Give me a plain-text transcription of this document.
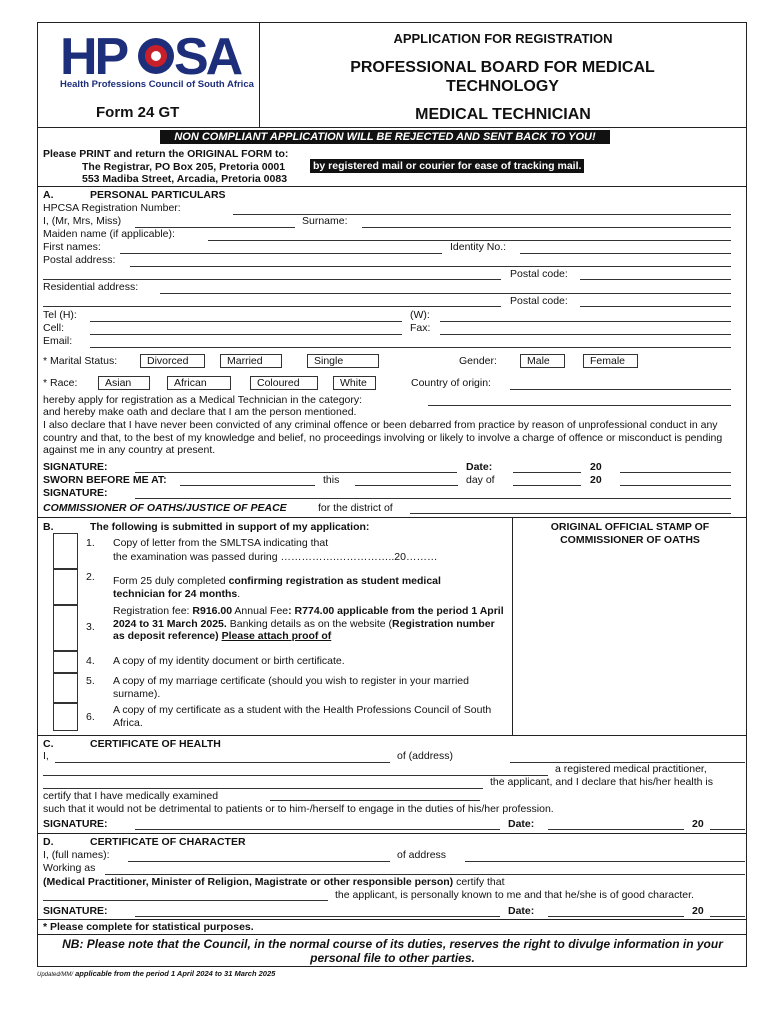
HP SA
Health Professions Council of South Africa
Form 24 GT
APPLICATION FOR REGISTRATION
PROFESSIONAL BOARD FOR MEDICAL TECHNOLOGY
MEDICAL TECHNICIAN
NON COMPLIANT APPLICATION WILL BE REJECTED AND SENT BACK TO YOU!
Please PRINT and return the ORIGINAL FORM to:
The Registrar, PO Box 205, Pretoria 0001	by registered mail or courier for ease of tracking mail.
553 Madiba Street, Arcadia, Pretoria 0083
A.	PERSONAL PARTICULARS
HPCSA Registration Number:
I, (Mr, Mrs, Miss)	Surname:
Maiden name (if applicable):
First names:	Identity No.:
Postal address:
Postal code:
Residential address:
Postal code:
Tel (H):	(W):
Cell:	Fax:
Email:
* Marital Status:	Divorced	Married	Single	Gender:	Male	Female
* Race:	Asian	African	Coloured	White	Country of origin:
hereby apply for registration as a Medical Technician in the category:
and hereby make oath and declare that I am the person mentioned.
I also declare that I have never been convicted of any criminal offence or been debarred from practice by reason of unprofessional conduct in any country and that, to the best of my knowledge and belief, no proceedings involving or likely to involve a charge of offence or misconduct is pending against me in any country at present.
SIGNATURE:	Date:	20
SWORN BEFORE ME AT:	this	day of	20
SIGNATURE:
COMMISSIONER OF OATHS/JUSTICE OF PEACE	for the district of
B.	The following is submitted in support of my application:	ORIGINAL OFFICIAL STAMP OF COMMISSIONER OF OATHS
1. Copy of letter from the SMLTSA indicating that
the examination was passed during …………….……………..20………
2. Form 25 duly completed confirming registration as student medical technician for 24 months.
3.
Registration fee: R916.00 Annual Fee: R774.00 applicable from the period 1 April 2024 to 31 March 2025. Banking details as on the website (Registration number as deposit reference) Please attach proof of
4. A copy of my identity document or birth certificate.
5. A copy of my marriage certificate (should you wish to register in your married surname).
6.
A copy of my certificate as a student with the Health Professions Council of South Africa.
C.	CERTIFICATE OF HEALTH
I,	of (address)
a registered medical practitioner,
the applicant, and I declare that his/her health is
certify that I have medically examined
such that it would not be detrimental to patients or to him-/herself to engage in the duties of his/her profession.
SIGNATURE:	Date:	20
D.	CERTIFICATE OF CHARACTER
I, (full names):	of address
Working as
(Medical Practitioner, Minister of Religion, Magistrate or other responsible person) certify that
the applicant, is personally known to me and that he/she is of good character.
SIGNATURE:	Date:	20
* Please complete for statistical purposes.
NB: Please note that the Council, in the normal course of its duties, reserves the right to divulge information in your personal file to other parties.
Updated/MM/ applicable from the period 1 April 2024 to 31 March 2025
